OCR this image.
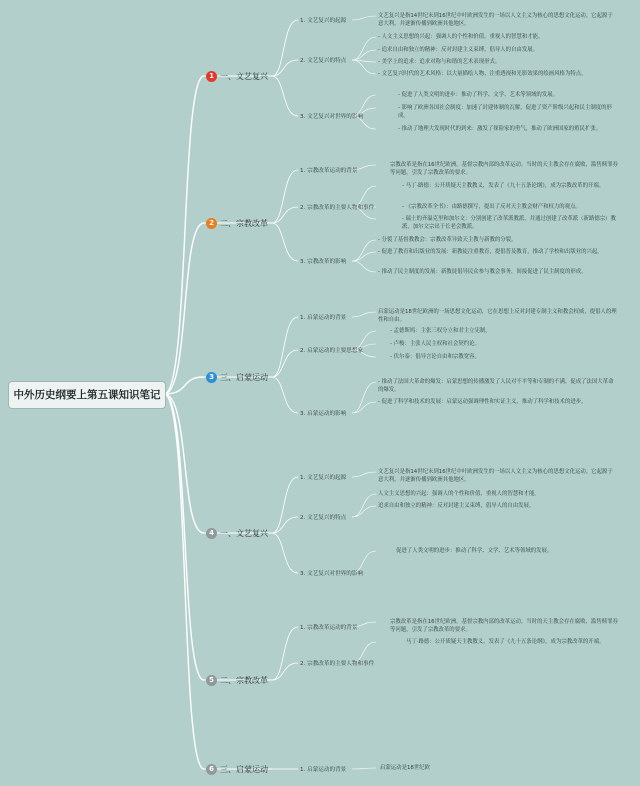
中外历史纲要上第五课知识笔记
1 一、文艺复兴
1. 文艺复兴的起源
2. 文艺复兴的特点
3. 文艺复兴对世界的影响
文艺复兴是指14世纪末到16世纪中叶欧洲发生的一场以人文主义为核心的思想文化运动。它起源于意大利，并逐渐传播到欧洲其他地区。
- 人文主义思想的兴起：强调人的个性和价值，重视人的智慧和才能。
- 追求自由和独立的精神：反对封建主义束缚，倡导人的自由发展。
- 美学上的追求：追求对称与和谐的艺术表现形式。
- 文艺复兴时代的艺术风格：以大量描绘人物、注重透视和光影效果的绘画风格为特点。
- 促进了人类文明的进步：推动了科学、文学、艺术等领域的发展。
- 影响了欧洲各国社会制度：加速了封建体制的瓦解，促进了资产阶级兴起和民主制度的形成。
- 推动了地理大发现时代的到来：激发了探险家的勇气，推动了欧洲国家的殖民扩张。
2 二、宗教改革
1. 宗教改革运动的背景
2. 宗教改革的主要人物和事件
3. 宗教改革的影响
宗教改革是指在16世纪欧洲，基督宗教内部的改革运动。当时的天主教会存在腐败、滥售赎罪券等问题，引发了宗教改革的要求。
- 马丁·路德：公开质疑天主教教义，发表了《九十五条论纲》，成为宗教改革的开端。
- 《宗教改革全书》：由路德撰写，提出了反对天主教会财产和权力的观点。
- 瑞士的齐温克里和加尔文：分别创建了改革派教派，并通过创建了改革派（新路德宗）教派，加尔文宗出于长老会教派。
- 分裂了基督教教会：宗教改革导致天主教与新教的分裂。
- 促进了教育和出版业的发展：新教徒注重教育，提倡普及教育，推动了学校和出版业的兴起。
- 推动了民主制度的发展：新教徒倡导民众参与教会事务，间接促进了民主制度的形成。
3 三、启蒙运动
1. 启蒙运动的背景
2. 启蒙运动的主要思想家
3. 启蒙运动的影响
启蒙运动是18世纪欧洲的一场思想文化运动，它在思想上反对封建专制主义和教会权威，提倡人的理性和自由。
- 孟德斯鸠：主张三权分立和君主立宪制。
- 卢梭：主张人民主权和社会契约论。
- 伏尔泰：倡导言论自由和宗教宽容。
- 推动了法国大革命的爆发：启蒙思想的传播激发了人民对不平等和专制的不满，促成了法国大革命的爆发。
- 促进了科学和技术的发展：启蒙运动强调理性和实证主义，推动了科学和技术的进步。
4 一、文艺复兴
1. 文艺复兴的起源
2. 文艺复兴的特点
3. 文艺复兴对世界的影响
文艺复兴是指14世纪末到16世纪中叶欧洲发生的一场以人文主义为核心的思想文化运动。它起源于意大利，并逐渐传播到欧洲其他地区。
人文主义思想的兴起：强调人的个性和价值，重视人的智慧和才能。
追求自由和独立的精神：反对封建主义束缚，倡导人的自由发展。
促进了人类文明的进步：推动了科学、文学、艺术等领域的发展。
5 二、宗教改革
1. 宗教改革运动的背景
2. 宗教改革的主要人物和事件
宗教改革是指在16世纪欧洲，基督宗教内部的改革运动。当时的天主教会存在腐败、滥售赎罪券等问题，引发了宗教改革的要求。
马丁·路德：公开质疑天主教教义，发表了《九十五条论纲》，成为宗教改革的开端。
6 三、启蒙运动	1. 启蒙运动的背景	启蒙运动是18世纪欧
